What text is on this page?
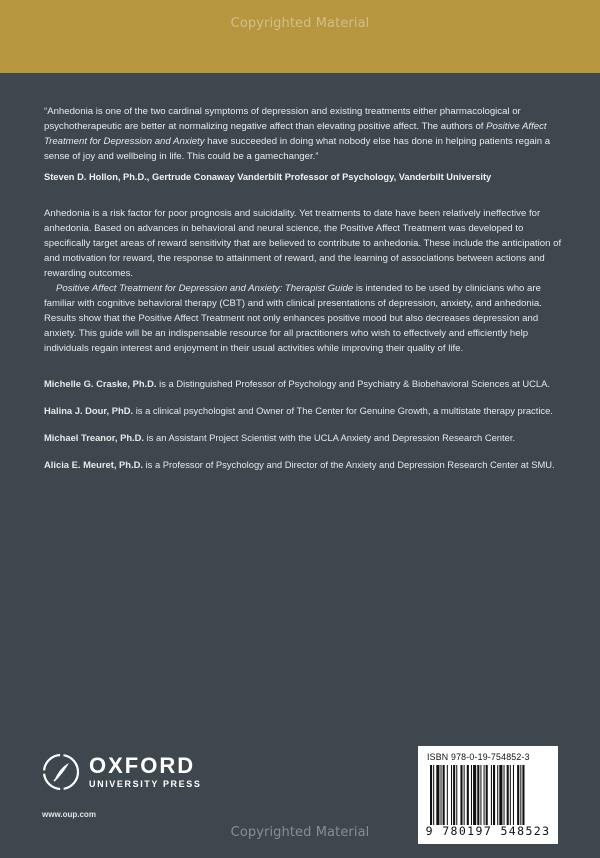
Copyrighted Material

“Anhedonia is one of the two cardinal symptoms of depression and existing treatments either pharmacological or psychotherapeutic are better at normalizing negative affect than elevating positive affect. The authors of Positive Affect Treatment for Depression and Anxiety have succeeded in doing what nobody else has done in helping patients regain a sense of joy and wellbeing in life. This could be a gamechanger.”

Steven D. Hollon, Ph.D., Gertrude Conaway Vanderbilt Professor of Psychology, Vanderbilt University

Anhedonia is a risk factor for poor prognosis and suicidality. Yet treatments to date have been relatively ineffective for anhedonia. Based on advances in behavioral and neural science, the Positive Affect Treatment was developed to specifically target areas of reward sensitivity that are believed to contribute to anhedonia. These include the anticipation of and motivation for reward, the response to attainment of reward, and the learning of associations between actions and rewarding outcomes.

Positive Affect Treatment for Depression and Anxiety: Therapist Guide is intended to be used by clinicians who are familiar with cognitive behavioral therapy (CBT) and with clinical presentations of depression, anxiety, and anhedonia. Results show that the Positive Affect Treatment not only enhances positive mood but also decreases depression and anxiety. This guide will be an indispensable resource for all practitioners who wish to effectively and efficiently help individuals regain interest and enjoyment in their usual activities while improving their quality of life.

Michelle G. Craske, Ph.D. is a Distinguished Professor of Psychology and Psychiatry & Biobehavioral Sciences at UCLA.

Halina J. Dour, PhD. is a clinical psychologist and Owner of The Center for Genuine Growth, a multistate therapy practice.

Michael Treanor, Ph.D. is an Assistant Project Scientist with the UCLA Anxiety and Depression Research Center.

Alicia E. Meuret, Ph.D. is a Professor of Psychology and Director of the Anxiety and Depression Research Center at SMU.

OXFORD
UNIVERSITY PRESS
www.oup.com
ISBN 978-0-19-754852-3
9 780197 548523
Copyrighted Material
